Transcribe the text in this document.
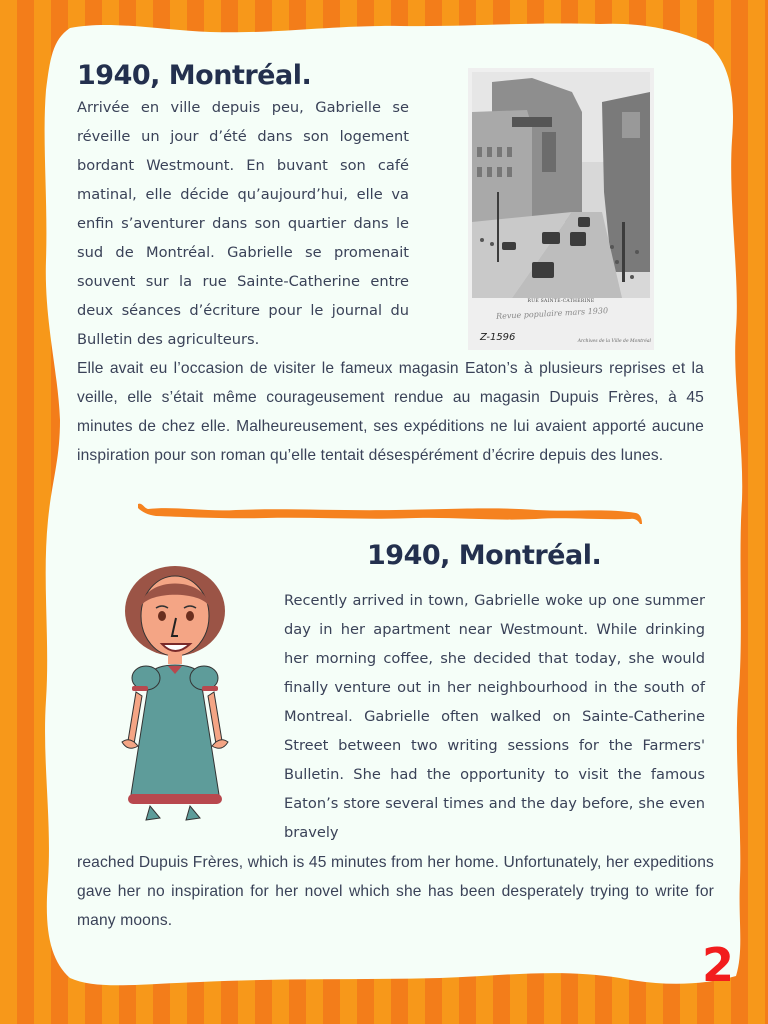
1940, Montréal.

Arrivée en ville depuis peu, Gabrielle se réveille un jour d’été dans son logement bordant Westmount. En buvant son café matinal, elle décide qu’aujourd’hui, elle va enfin s’aventurer dans son quartier dans le sud de Montréal. Gabrielle se promenait souvent sur la rue Sainte-Catherine entre deux séances d’écriture pour le journal du Bulletin des agriculteurs.

RUE SAINTE-CATHERINE
Revue populaire mars 1930
Z-1596	Archives de la Ville de Montréal

Elle avait eu l’occasion de visiter le fameux magasin Eaton’s à plusieurs reprises et la veille, elle s’était même courageusement rendue au magasin Dupuis Frères, à 45 minutes de chez elle. Malheureusement, ses expéditions ne lui avaient apporté aucune inspiration pour son roman qu’elle tentait désespérément d’écrire depuis des lunes.

1940, Montréal.

Recently arrived in town, Gabrielle woke up one summer day in her apartment near Westmount. While drinking her morning coffee, she decided that today, she would finally venture out in her neighbourhood in the south of Montreal. Gabrielle often walked on Sainte-Catherine Street between two writing sessions for the Farmers' Bulletin. She had the opportunity to visit the famous Eaton’s store several times and the day before, she even bravely

reached Dupuis Frères, which is 45 minutes from her home. Unfortunately, her expeditions gave her no inspiration for her novel which she has been desperately trying to write for many moons.

2
